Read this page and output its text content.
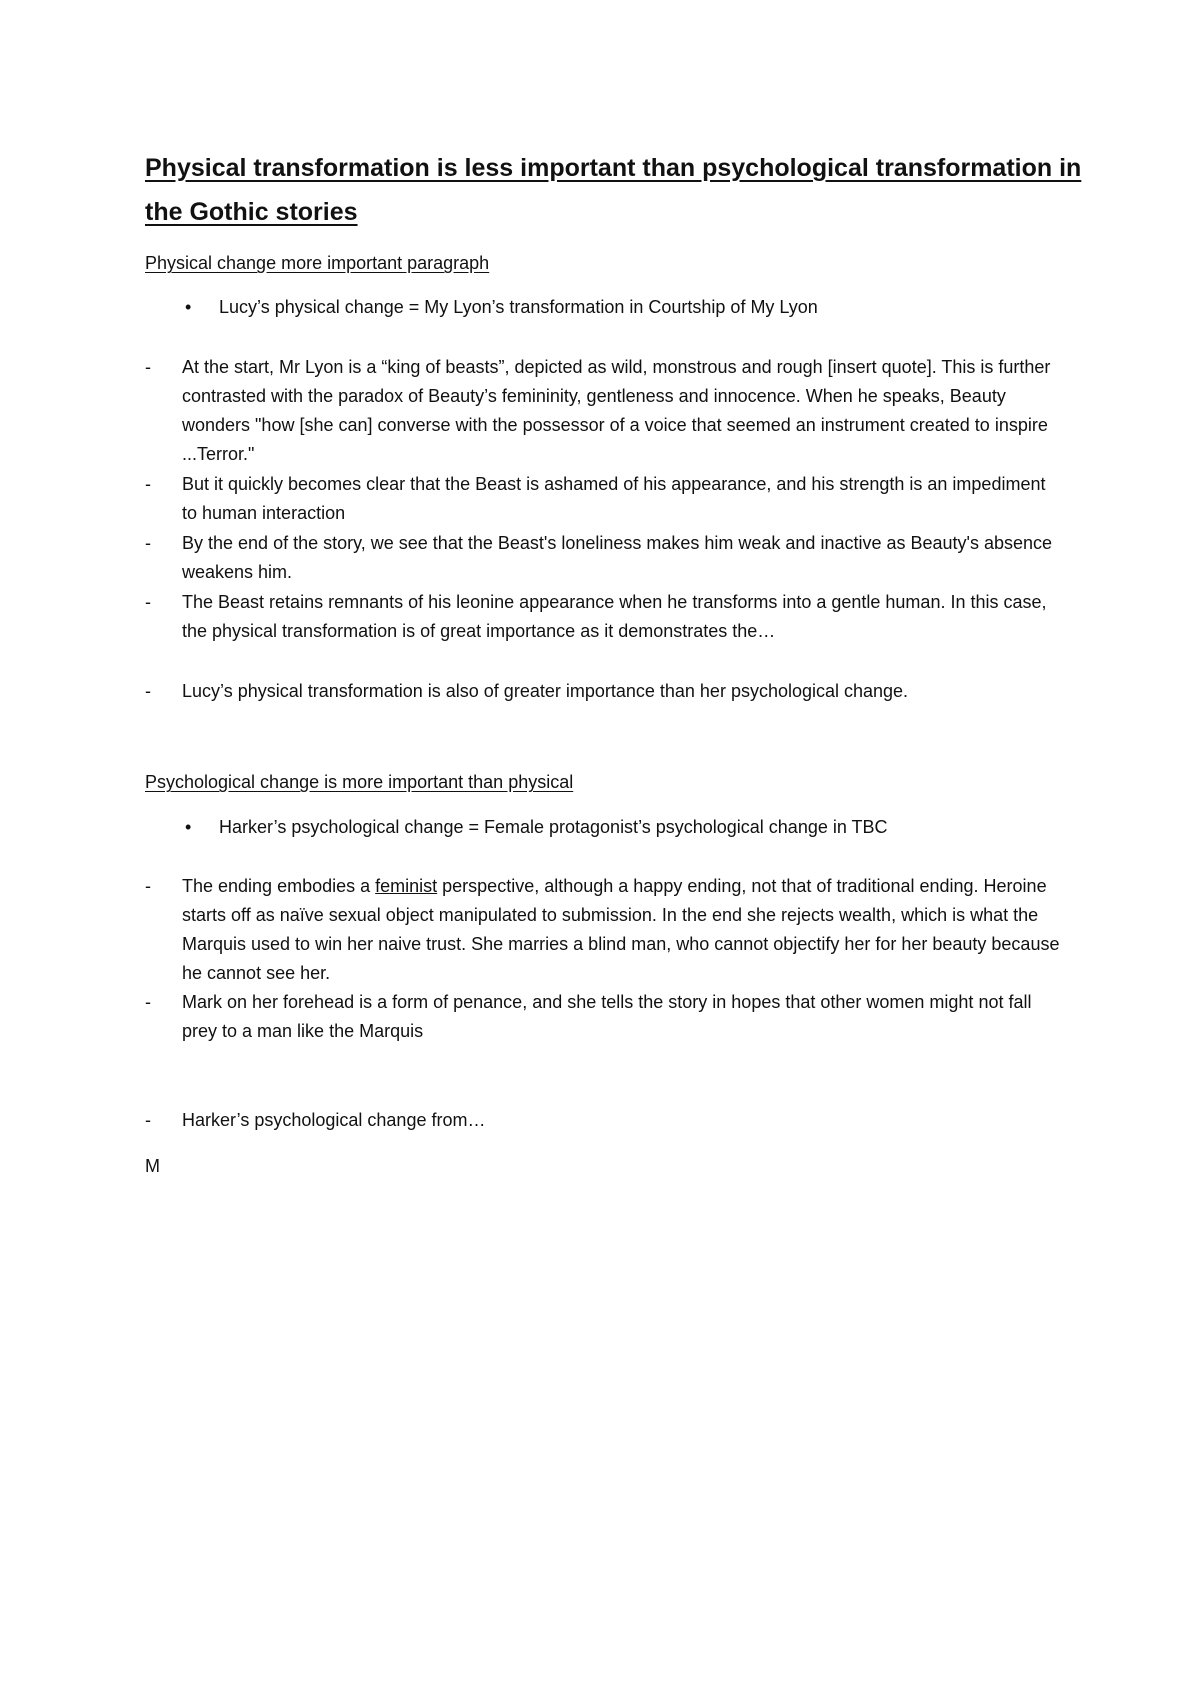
Physical transformation is less important than psychological transformation in the Gothic stories
Physical change more important paragraph
• Lucy’s physical change = My Lyon’s transformation in Courtship of My Lyon
- At the start, Mr Lyon is a “king of beasts”, depicted as wild, monstrous and rough [insert quote]. This is further contrasted with the paradox of Beauty’s femininity, gentleness and innocence. When he speaks, Beauty wonders "how [she can] converse with the possessor of a voice that seemed an instrument created to inspire ...Terror."
- But it quickly becomes clear that the Beast is ashamed of his appearance, and his strength is an impediment to human interaction
- By the end of the story, we see that the Beast's loneliness makes him weak and inactive as Beauty's absence weakens him.
- The Beast retains remnants of his leonine appearance when he transforms into a gentle human. In this case, the physical transformation is of great importance as it demonstrates the…
- Lucy’s physical transformation is also of greater importance than her psychological change.
Psychological change is more important than physical
• Harker’s psychological change = Female protagonist’s psychological change in TBC
- The ending embodies a feminist perspective, although a happy ending, not that of traditional ending. Heroine starts off as naïve sexual object manipulated to submission. In the end she rejects wealth, which is what the Marquis used to win her naive trust. She marries a blind man, who cannot objectify her for her beauty because he cannot see her.
- Mark on her forehead is a form of penance, and she tells the story in hopes that other women might not fall prey to a man like the Marquis
- Harker’s psychological change from…
M
